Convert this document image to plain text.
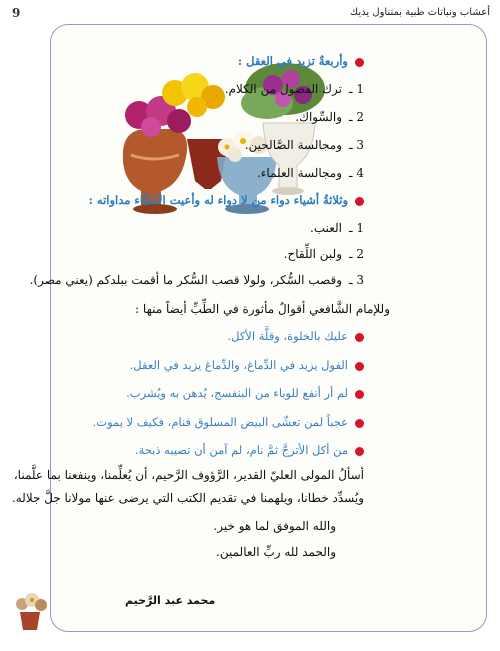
9	أعشاب ونباتات طبية بمتناول يديك
وأربعةٌ تزيد في العقل :
1 ـترك الفضول من الكلام.
2 ـوالسِّواك.
3 ـومجالسة الصَّالحين.
4 ـومجالسة العلماء.
وثلاثةُ أشياء دواء من لا دواء له وأعيت الأطبَّاء مداواته :
1 ـالعنب.
2 ـولبن اللِّقاح.
3 ـوقصب السُّكر، ولولا قصب السُّكر ما أقمت ببلدكم (يعني مصر).
وللإمام الشَّافعي أقوالٌ مأثورة في الطِّبِّ أيضاً منها :
عليك بالخلوة، وقلَّة الأكل.
الفول يزيد في الدِّماغ، والدِّماغ يزيد في العقل.
لم أر أنفع للوباء من البنفسج، يُدهن به ويُشرب.
عجباً لمن تعشّى البيض المسلوق فنام، فكيف لا يموت.
من أكل الأترجَّ ثمَّ نام، لم آمن أن تصيبه ذبحة.
أسألُ المولى العليّ القدير، الرَّؤوف الرَّحيم، أن يُعلِّمنا، وينفعنا بما علَّمنا،
ويُسدِّد خطانا، ويلهمنا في تقديم الكتب التي يرضى عنها مولانا جلَّ جلاله.
والله الموفق لما هو خير.
والحمد لله ربِّ العالمين.
محمد عبد الرَّحيم
